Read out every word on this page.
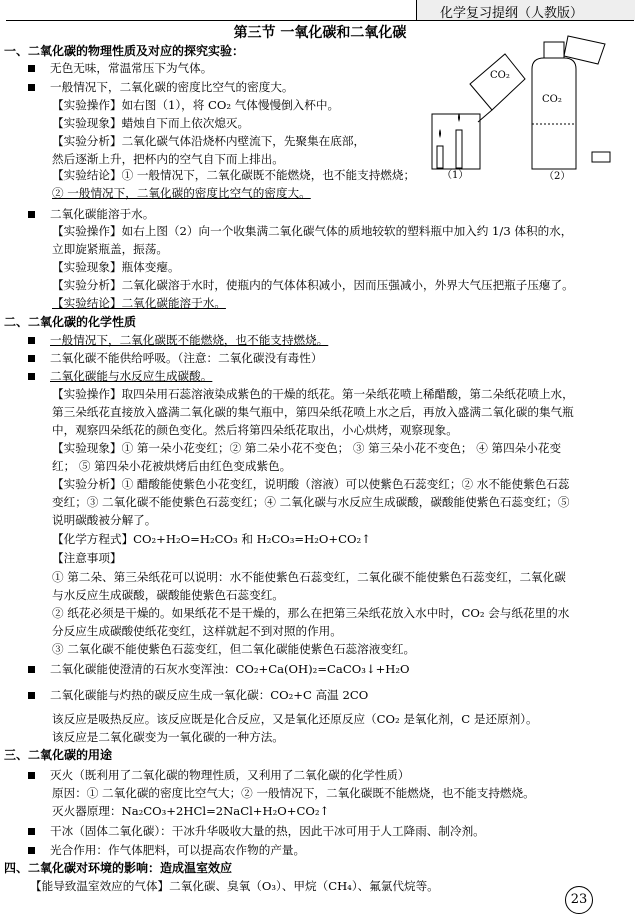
化学复习提纲（人教版）
第三节 一氧化碳和二氧化碳
CO₂
CO₂
（1）	（2）
一、二氧化碳的物理性质及对应的探究实验：
无色无味，常温常压下为气体。
一般情况下，二氧化碳的密度比空气的密度大。
【实验操作】如右图（1），将 CO₂ 气体慢慢倒入杯中。
【实验现象】蜡烛自下而上依次熄灭。
【实验分析】二氧化碳气体沿烧杯内壁流下，先聚集在底部，
然后逐渐上升，把杯内的空气自下而上排出。
【实验结论】① 一般情况下，二氧化碳既不能燃烧，也不能支持燃烧；
② 一般情况下，二氧化碳的密度比空气的密度大。
二氧化碳能溶于水。
【实验操作】如右上图（2）向一个收集满二氧化碳气体的质地较软的塑料瓶中加入约 1/3 体积的水，
立即旋紧瓶盖，振荡。
【实验现象】瓶体变瘪。
【实验分析】二氧化碳溶于水时，使瓶内的气体体积减小，因而压强减小，外界大气压把瓶子压瘪了。
【实验结论】二氧化碳能溶于水。
二、二氧化碳的化学性质
一般情况下，二氧化碳既不能燃烧，也不能支持燃烧。
二氧化碳不能供给呼吸。（注意：二氧化碳没有毒性）
二氧化碳能与水反应生成碳酸。
【实验操作】取四朵用石蕊溶液染成紫色的干燥的纸花。第一朵纸花喷上稀醋酸，第二朵纸花喷上水，
第三朵纸花直接放入盛满二氧化碳的集气瓶中，第四朵纸花喷上水之后，再放入盛满二氧化碳的集气瓶
中，观察四朵纸花的颜色变化。然后将第四朵纸花取出，小心烘烤，观察现象。
【实验现象】① 第一朵小花变红；② 第二朵小花不变色； ③ 第三朵小花不变色； ④ 第四朵小花变
红； ⑤ 第四朵小花被烘烤后由红色变成紫色。
【实验分析】① 醋酸能使紫色小花变红，说明酸（溶液）可以使紫色石蕊变红；② 水不能使紫色石蕊
变红；③ 二氧化碳不能使紫色石蕊变红；④ 二氧化碳与水反应生成碳酸，碳酸能使紫色石蕊变红；⑤
说明碳酸被分解了。
【化学方程式】CO₂+H₂O=H₂CO₃ 和 H₂CO₃=H₂O+CO₂↑
【注意事项】
① 第二朵、第三朵纸花可以说明：水不能使紫色石蕊变红，二氧化碳不能使紫色石蕊变红，二氧化碳
与水反应生成碳酸，碳酸能使紫色石蕊变红。
② 纸花必须是干燥的。如果纸花不是干燥的，那么在把第三朵纸花放入水中时，CO₂ 会与纸花里的水
分反应生成碳酸使纸花变红，这样就起不到对照的作用。
③ 二氧化碳不能使紫色石蕊变红，但二氧化碳能使紫色石蕊溶液变红。
二氧化碳能使澄清的石灰水变浑浊：CO₂+Ca(OH)₂=CaCO₃↓+H₂O
二氧化碳能与灼热的碳反应生成一氧化碳：CO₂+C 高温 2CO
该反应是吸热反应。该反应既是化合反应，又是氧化还原反应（CO₂ 是氧化剂，C 是还原剂）。
该反应是二氧化碳变为一氧化碳的一种方法。
三、二氧化碳的用途
灭火（既利用了二氧化碳的物理性质，又利用了二氧化碳的化学性质）
原因：① 二氧化碳的密度比空气大；② 一般情况下，二氧化碳既不能燃烧，也不能支持燃烧。
灭火器原理：Na₂CO₃+2HCl=2NaCl+H₂O+CO₂↑
干冰（固体二氧化碳）：干冰升华吸收大量的热，因此干冰可用于人工降雨、制冷剂。
光合作用：作气体肥料，可以提高农作物的产量。
四、二氧化碳对环境的影响：造成温室效应
【能导致温室效应的气体】二氧化碳、臭氧（O₃）、甲烷（CH₄）、氟氯代烷等。
23
